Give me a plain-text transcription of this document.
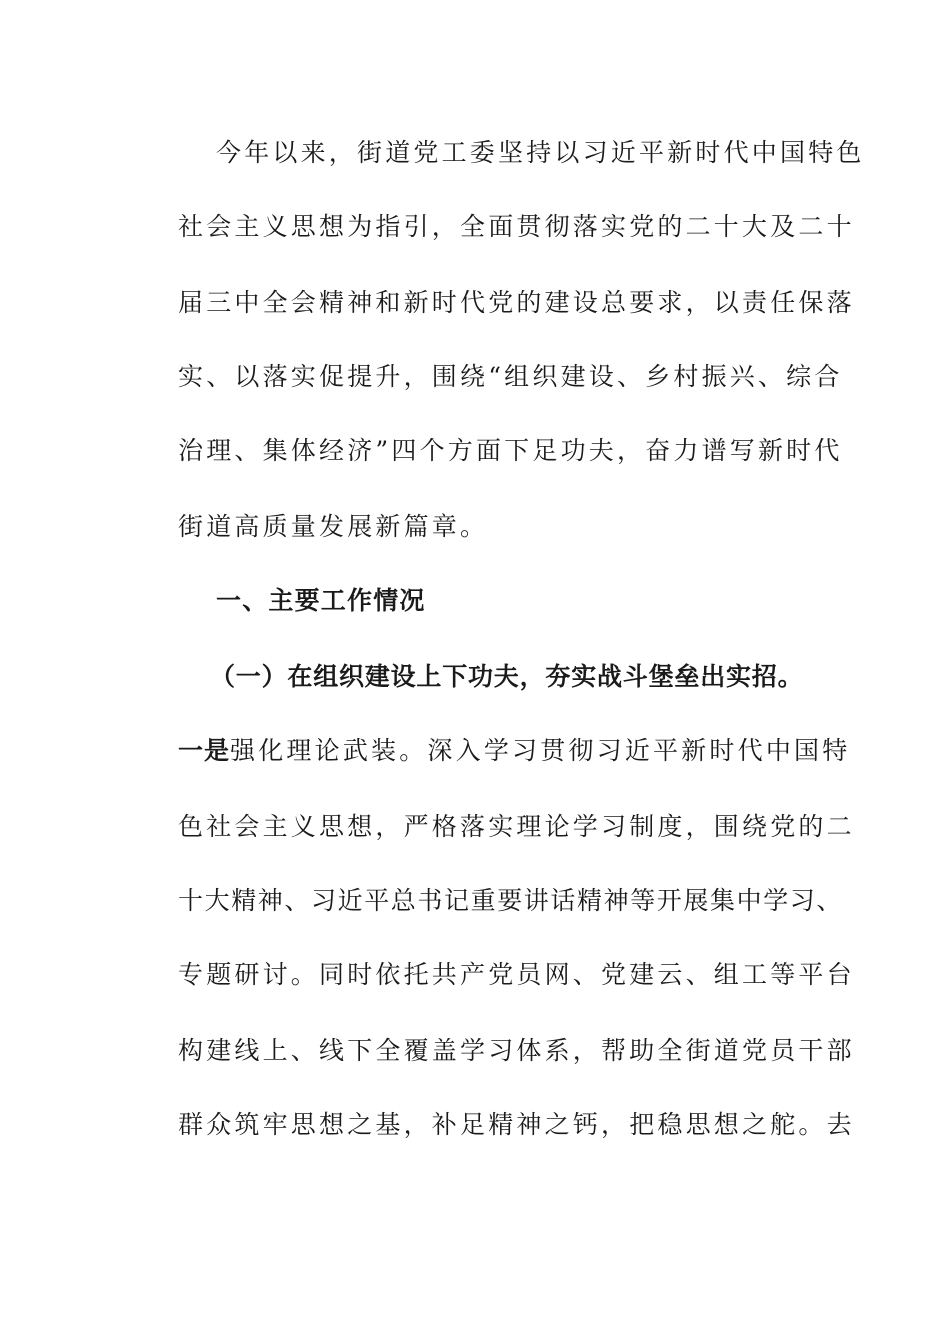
今年以来，街道党工委坚持以习近平新时代中国特色
社会主义思想为指引，全面贯彻落实党的二十大及二十
届三中全会精神和新时代党的建设总要求，以责任保落
实、以落实促提升，围绕“组织建设、乡村振兴、综合
治理、集体经济”四个方面下足功夫，奋力谱写新时代
街道高质量发展新篇章。
一、主要工作情况
（一）在组织建设上下功夫，夯实战斗堡垒出实招。
一是强化理论武装。深入学习贯彻习近平新时代中国特
色社会主义思想，严格落实理论学习制度，围绕党的二
十大精神、习近平总书记重要讲话精神等开展集中学习、
专题研讨。同时依托共产党员网、党建云、组工等平台
构建线上、线下全覆盖学习体系，帮助全街道党员干部
群众筑牢思想之基，补足精神之钙，把稳思想之舵。去
